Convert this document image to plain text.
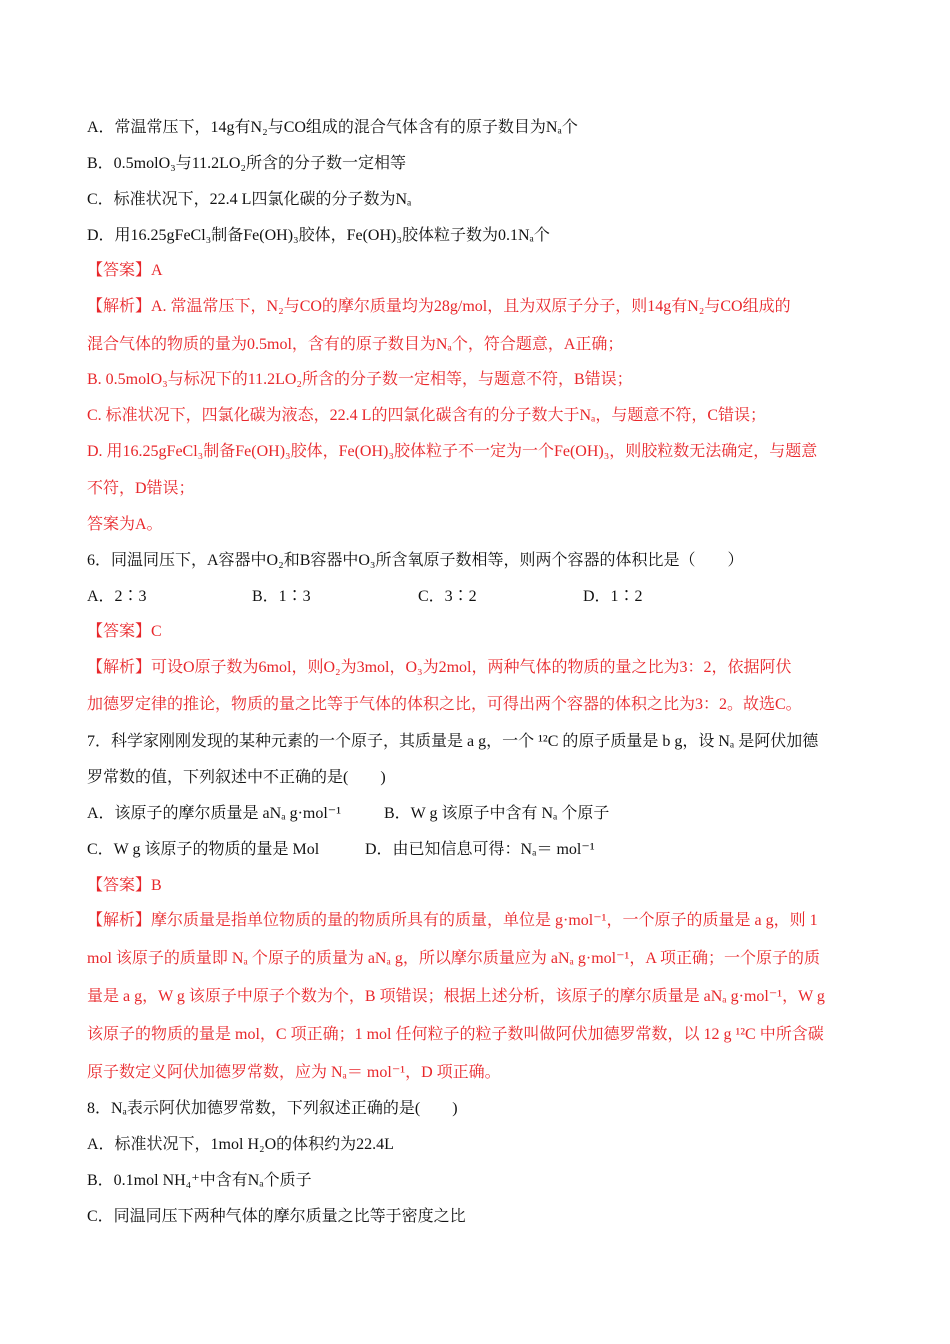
A．常温常压下，14g有N₂与CO组成的混合气体含有的原子数目为Nₐ个
B．0.5molO₃与11.2LO₂所含的分子数一定相等
C．标准状况下，22.4 L四氯化碳的分子数为Nₐ
D．用16.25gFeCl₃制备Fe(OH)₃胶体，Fe(OH)₃胶体粒子数为0.1Nₐ个
【答案】A
【解析】A. 常温常压下，N₂与CO的摩尔质量均为28g/mol，且为双原子分子，则14g有N₂与CO组成的
混合气体的物质的量为0.5mol，含有的原子数目为Nₐ个，符合题意，A正确；
B. 0.5molO₃与标况下的11.2LO₂所含的分子数一定相等，与题意不符，B错误；
C. 标准状况下，四氯化碳为液态，22.4 L的四氯化碳含有的分子数大于Nₐ，与题意不符，C错误；
D. 用16.25gFeCl₃制备Fe(OH)₃胶体，Fe(OH)₃胶体粒子不一定为一个Fe(OH)₃，则胶粒数无法确定，与题意
不符，D错误；
答案为A。
6．同温同压下，A容器中O₂和B容器中O₃所含氧原子数相等，则两个容器的体积比是（　　）
A．2∶3	B．1∶3	C．3∶2	D．1∶2
【答案】C
【解析】可设O原子数为6mol，则O₂为3mol，O₃为2mol，两种气体的物质的量之比为3：2，依据阿伏
加德罗定律的推论，物质的量之比等于气体的体积之比，可得出两个容器的体积之比为3：2。故选C。
7．科学家刚刚发现的某种元素的一个原子，其质量是 a g，一个 ¹²C 的原子质量是 b g，设 Nₐ 是阿伏加德
罗常数的值，下列叙述中不正确的是(　　)
A．该原子的摩尔质量是 aNₐ g·mol⁻¹	B．W g 该原子中含有 Nₐ 个原子
C．W g 该原子的物质的量是 Mol	D．由已知信息可得：Nₐ＝ mol⁻¹
【答案】B
【解析】摩尔质量是指单位物质的量的物质所具有的质量，单位是 g·mol⁻¹，一个原子的质量是 a g，则 1
mol 该原子的质量即 Nₐ 个原子的质量为 aNₐ g，所以摩尔质量应为 aNₐ g·mol⁻¹，A 项正确；一个原子的质
量是 a g，W g 该原子中原子个数为个，B 项错误；根据上述分析，该原子的摩尔质量是 aNₐ g·mol⁻¹，W g
该原子的物质的量是 mol，C 项正确；1 mol 任何粒子的粒子数叫做阿伏加德罗常数，以 12 g ¹²C 中所含碳
原子数定义阿伏加德罗常数，应为 Nₐ＝ mol⁻¹，D 项正确。
8．Nₐ表示阿伏加德罗常数，下列叙述正确的是(　　)
A．标准状况下，1mol H₂O的体积约为22.4L
B．0.1mol NH₄⁺中含有Nₐ个质子
C．同温同压下两种气体的摩尔质量之比等于密度之比
